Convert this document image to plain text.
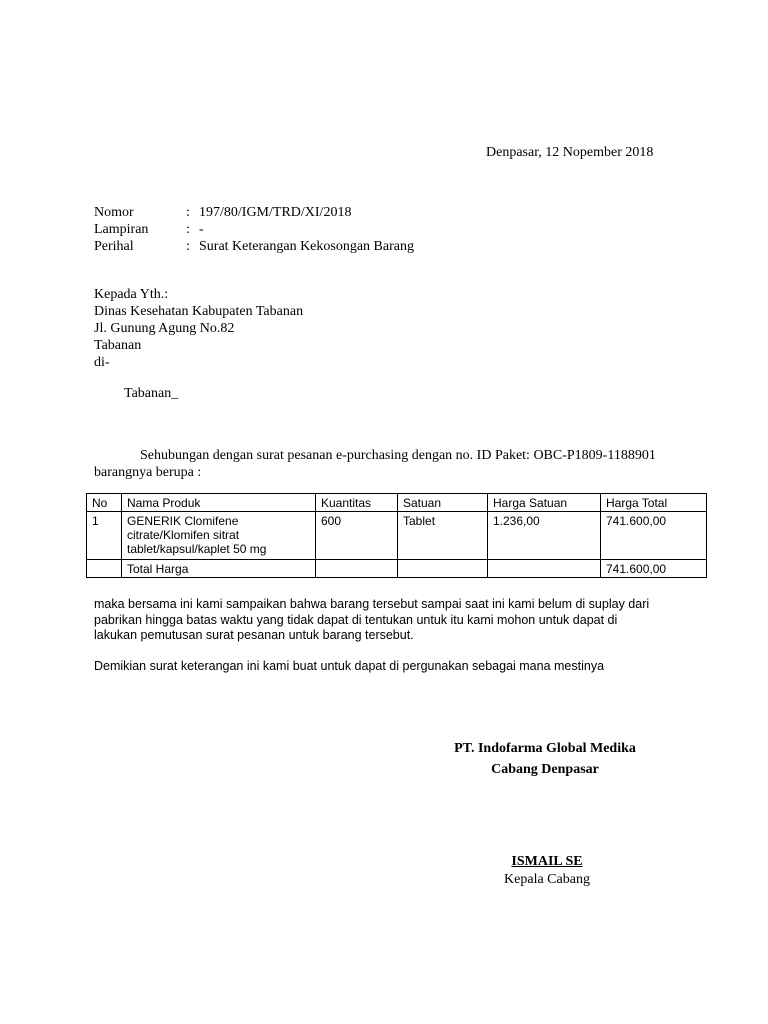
Denpasar, 12 Nopember 2018
Nomor	: 197/80/IGM/TRD/XI/2018
Lampiran	: -
Perihal	: Surat Keterangan Kekosongan Barang
Kepada Yth.:
Dinas Kesehatan Kabupaten Tabanan
Jl. Gunung Agung No.82
Tabanan
di-
Tabanan_
Sehubungan dengan surat pesanan e-purchasing dengan no. ID Paket: OBC-P1809-1188901
barangnya berupa :
No	Nama Produk	Kuantitas	Satuan	Harga Satuan	Harga Total
1	GENERIK Clomifene
citrate/Klomifen sitrat
tablet/kapsul/kaplet 50 mg	600	Tablet	1.236,00	741.600,00
	Total Harga				741.600,00
maka bersama ini kami sampaikan bahwa barang tersebut sampai saat ini kami belum di suplay dari
pabrikan hingga batas waktu yang tidak dapat di tentukan untuk itu kami mohon untuk dapat di
lakukan pemutusan surat pesanan untuk barang tersebut.
Demikian surat keterangan ini kami buat untuk dapat di pergunakan sebagai mana mestinya
PT. Indofarma Global Medika
Cabang Denpasar
ISMAIL SE
Kepala Cabang
